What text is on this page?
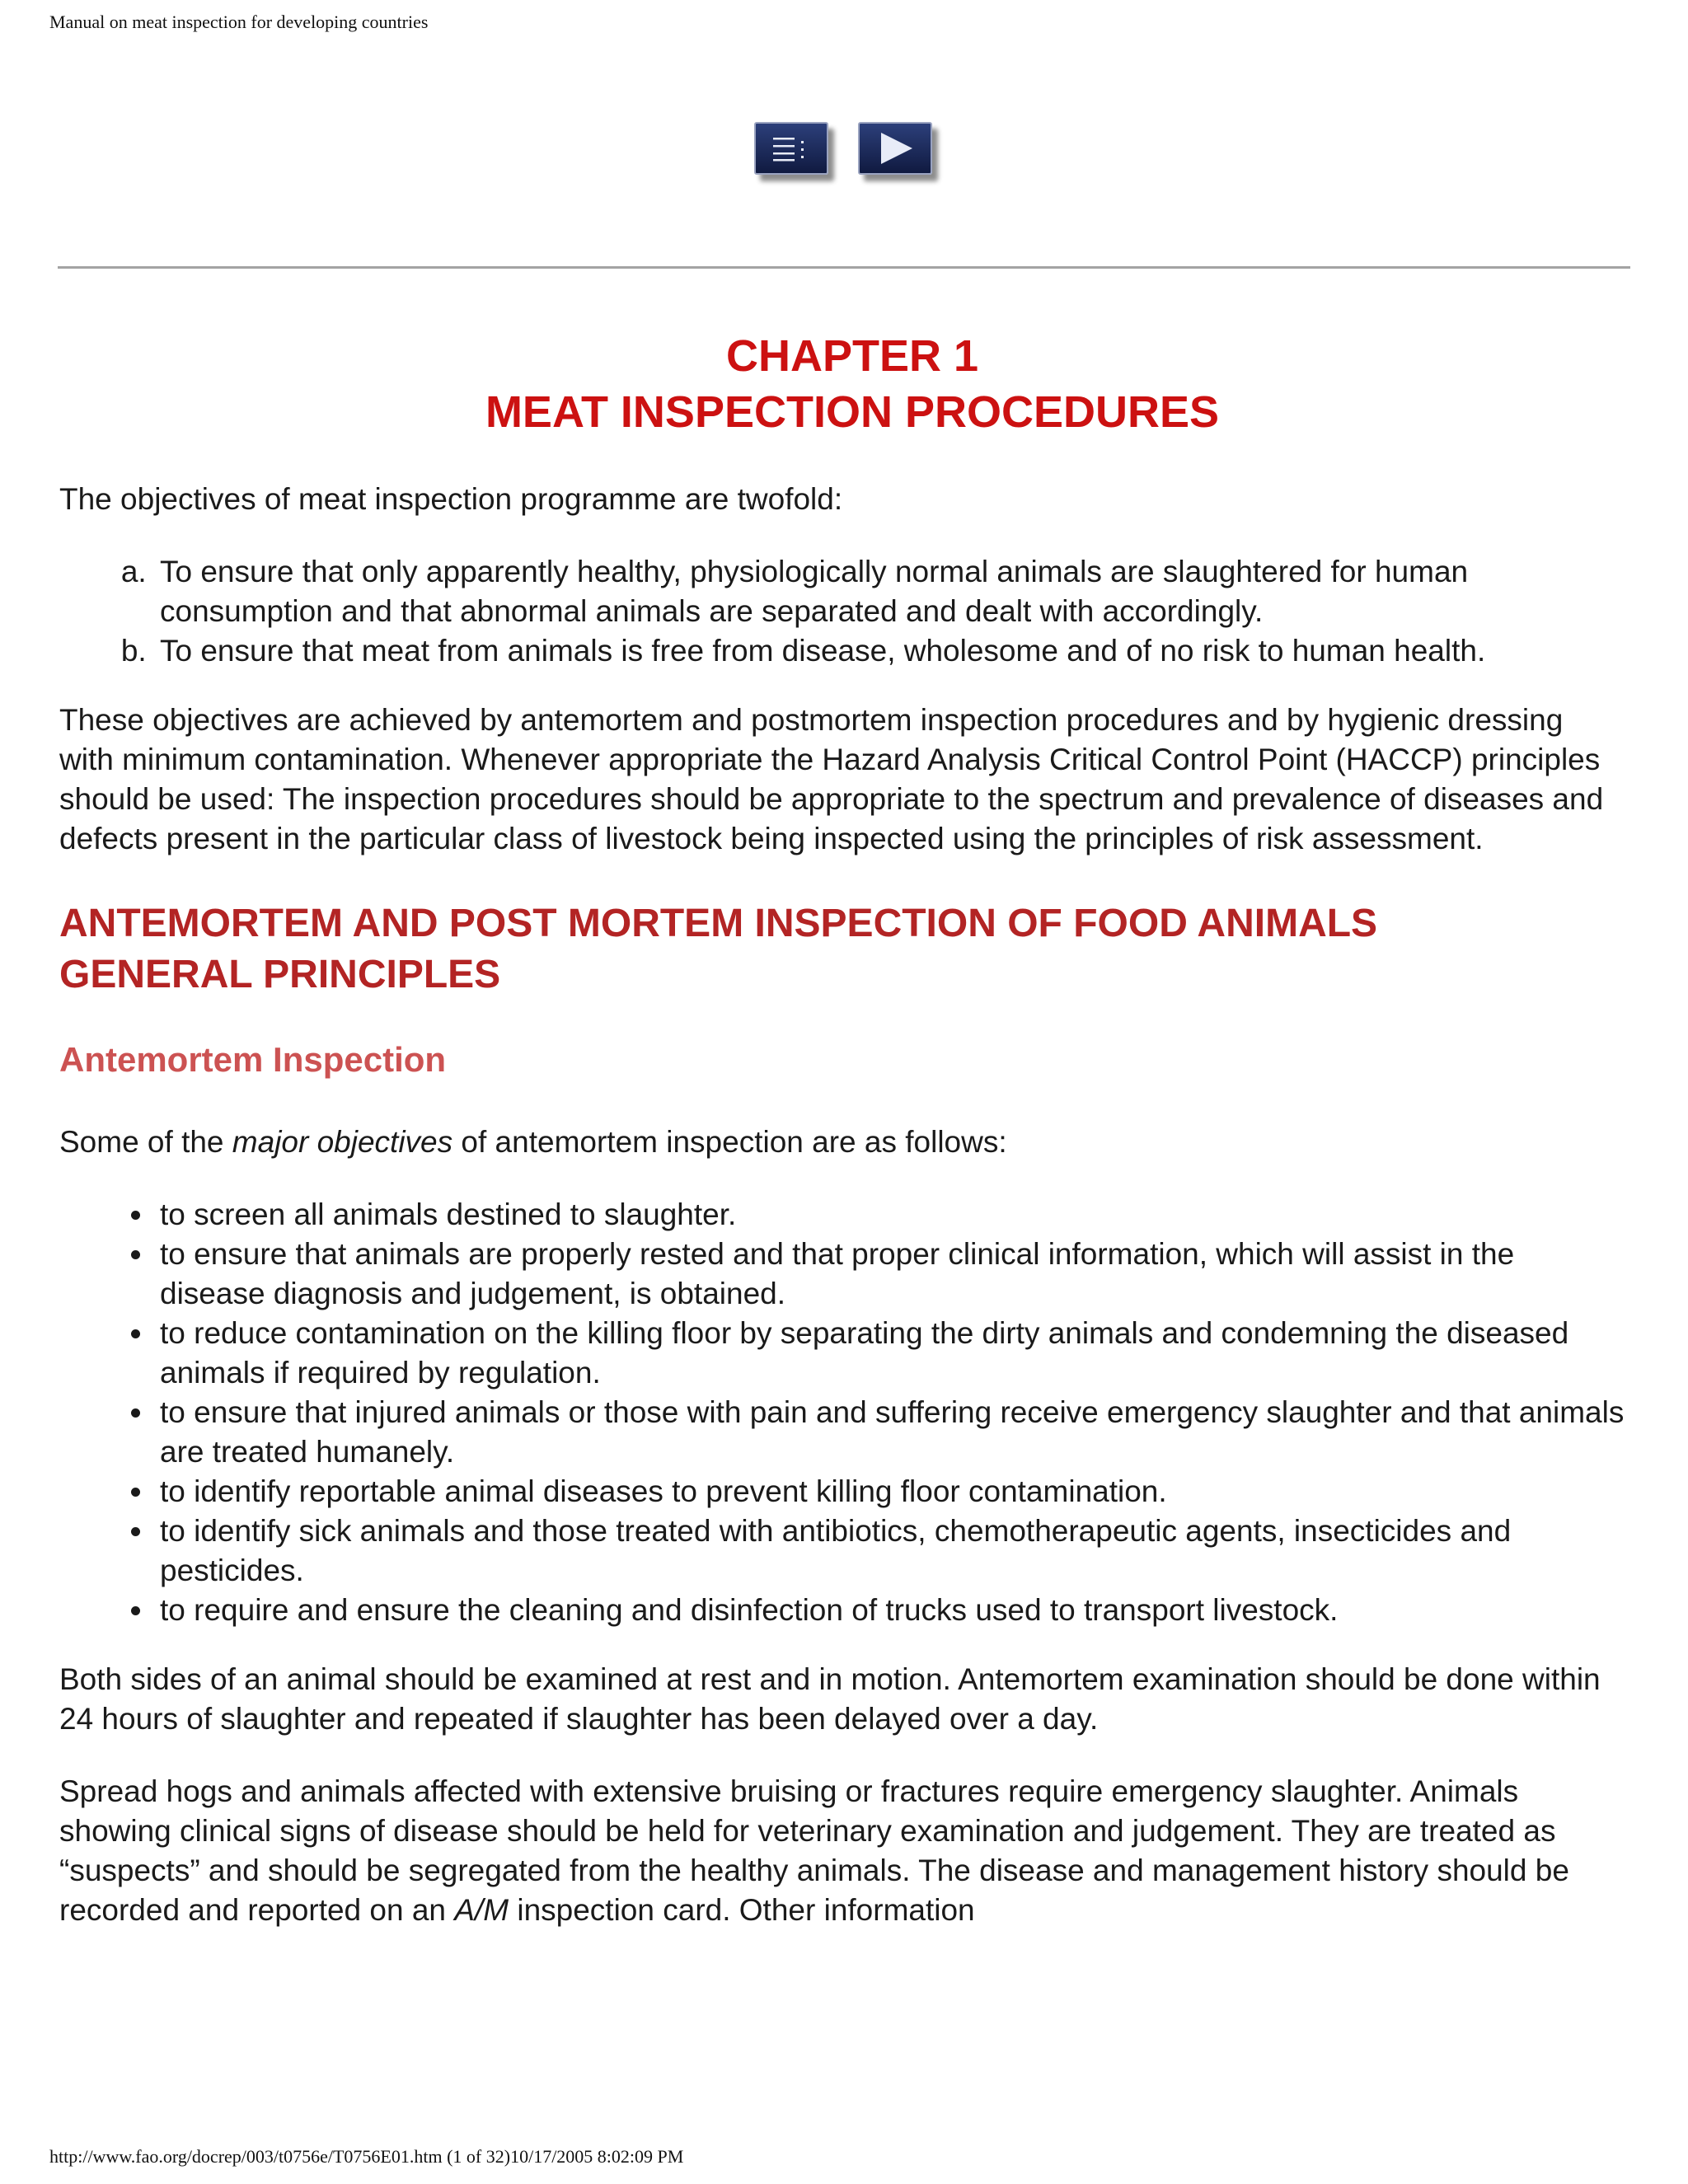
Manual on meat inspection for developing countries
CHAPTER 1
MEAT INSPECTION PROCEDURES

The objectives of meat inspection programme are twofold:

a. To ensure that only apparently healthy, physiologically normal animals are slaughtered for human consumption and that abnormal animals are separated and dealt with accordingly.
b. To ensure that meat from animals is free from disease, wholesome and of no risk to human health.

These objectives are achieved by antemortem and postmortem inspection procedures and by hygienic dressing with minimum contamination. Whenever appropriate the Hazard Analysis Critical Control Point (HACCP) principles should be used: The inspection procedures should be appropriate to the spectrum and prevalence of diseases and defects present in the particular class of livestock being inspected using the principles of risk assessment.

ANTEMORTEM AND POST MORTEM INSPECTION OF FOOD ANIMALS
GENERAL PRINCIPLES
Antemortem Inspection

Some of the major objectives of antemortem inspection are as follows:

• to screen all animals destined to slaughter.
• to ensure that animals are properly rested and that proper clinical information, which will assist in the disease diagnosis and judgement, is obtained.
• to reduce contamination on the killing floor by separating the dirty animals and condemning the diseased animals if required by regulation.
• to ensure that injured animals or those with pain and suffering receive emergency slaughter and that animals are treated humanely.
• to identify reportable animal diseases to prevent killing floor contamination.
• to identify sick animals and those treated with antibiotics, chemotherapeutic agents, insecticides and pesticides.
• to require and ensure the cleaning and disinfection of trucks used to transport livestock.

Both sides of an animal should be examined at rest and in motion. Antemortem examination should be done within 24 hours of slaughter and repeated if slaughter has been delayed over a day.

Spread hogs and animals affected with extensive bruising or fractures require emergency slaughter. Animals showing clinical signs of disease should be held for veterinary examination and judgement. They are treated as “suspects” and should be segregated from the healthy animals. The disease and management history should be recorded and reported on an A/M inspection card. Other information

http://www.fao.org/docrep/003/t0756e/T0756E01.htm (1 of 32)10/17/2005 8:02:09 PM
